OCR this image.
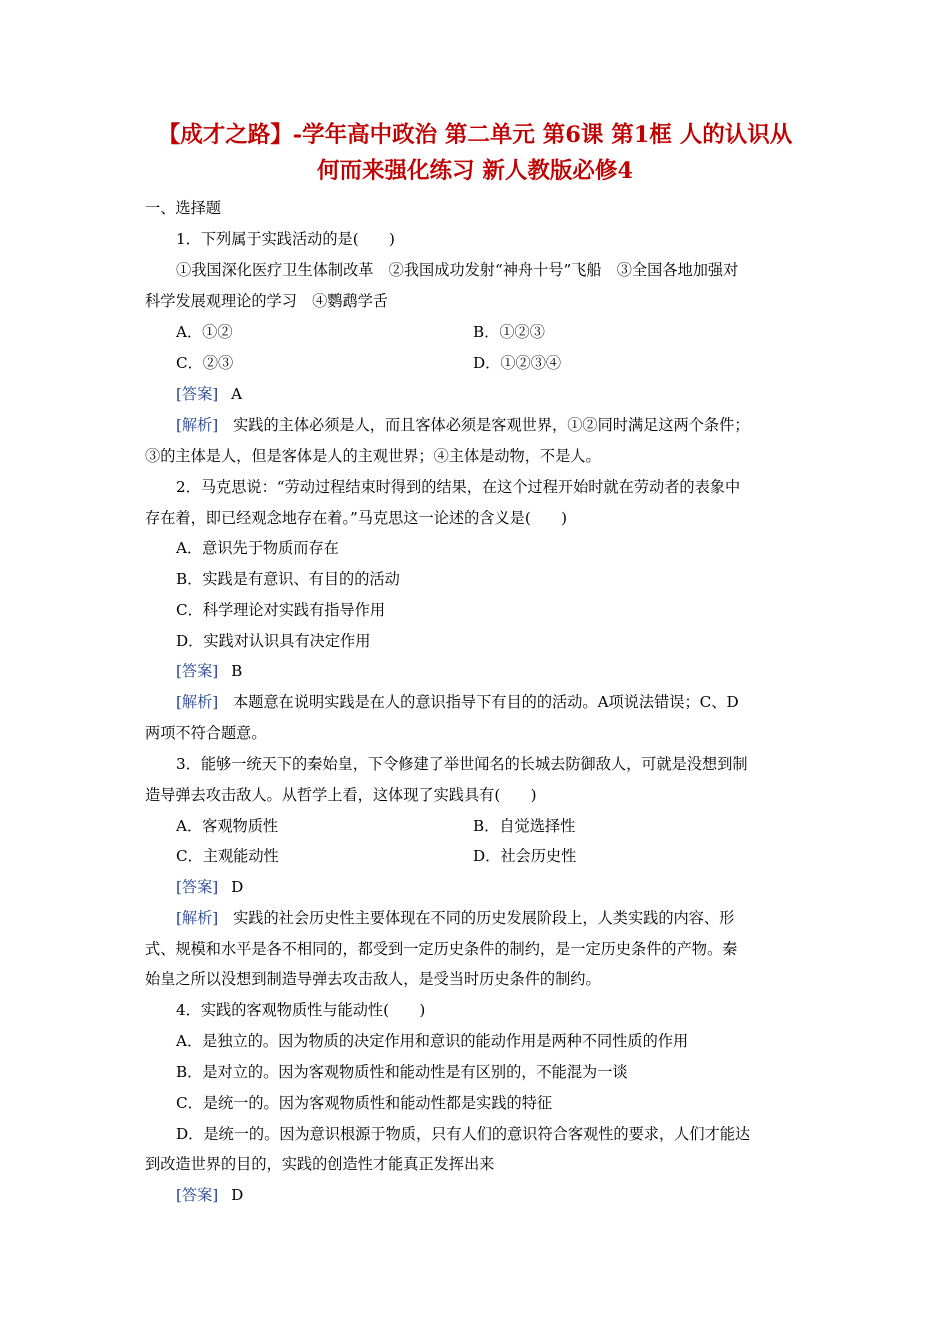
【成才之路】-学年高中政治 第二单元 第6课 第1框 人的认识从
何而来强化练习 新人教版必修4
一、选择题
1．下列属于实践活动的是(　　)
①我国深化医疗卫生体制改革　②我国成功发射“神舟十号”飞船　③全国各地加强对
科学发展观理论的学习　④鹦鹉学舌
A．①②	B．①②③
C．②③	D．①②③④
[答案] A
[解析] 实践的主体必须是人，而且客体必须是客观世界，①②同时满足这两个条件；
③的主体是人，但是客体是人的主观世界；④主体是动物，不是人。
2．马克思说：“劳动过程结束时得到的结果，在这个过程开始时就在劳动者的表象中
存在着，即已经观念地存在着。”马克思这一论述的含义是(　　)
A．意识先于物质而存在
B．实践是有意识、有目的的活动
C．科学理论对实践有指导作用
D．实践对认识具有决定作用
[答案] B
[解析] 本题意在说明实践是在人的意识指导下有目的的活动。A项说法错误；C、D
两项不符合题意。
3．能够一统天下的秦始皇，下令修建了举世闻名的长城去防御敌人，可就是没想到制
造导弹去攻击敌人。从哲学上看，这体现了实践具有(　　)
A．客观物质性	B．自觉选择性
C．主观能动性	D．社会历史性
[答案] D
[解析] 实践的社会历史性主要体现在不同的历史发展阶段上，人类实践的内容、形
式、规模和水平是各不相同的，都受到一定历史条件的制约，是一定历史条件的产物。秦
始皇之所以没想到制造导弹去攻击敌人，是受当时历史条件的制约。
4．实践的客观物质性与能动性(　　)
A．是独立的。因为物质的决定作用和意识的能动作用是两种不同性质的作用
B．是对立的。因为客观物质性和能动性是有区别的，不能混为一谈
C．是统一的。因为客观物质性和能动性都是实践的特征
D．是统一的。因为意识根源于物质，只有人们的意识符合客观性的要求，人们才能达
到改造世界的目的，实践的创造性才能真正发挥出来
[答案] D
